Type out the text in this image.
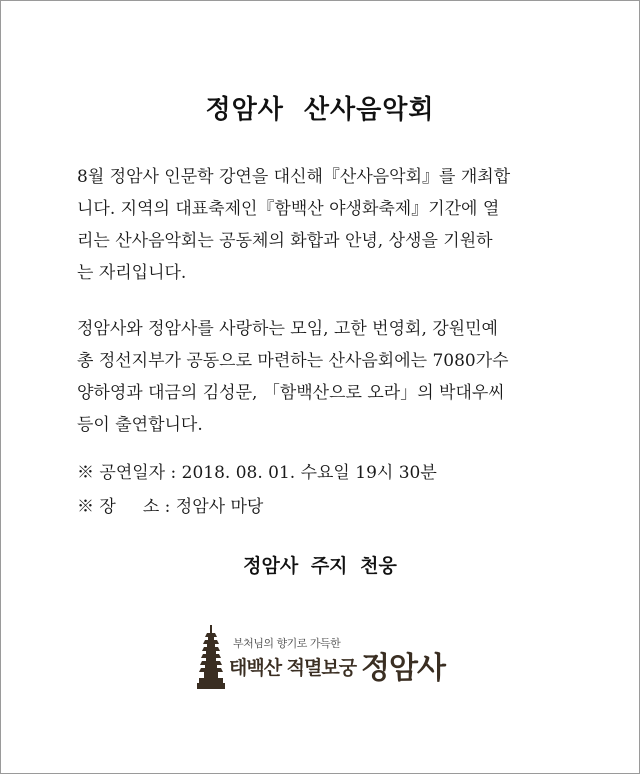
정암사 산사음악회
8월 정암사 인문학 강연을 대신해『산사음악회』를 개최합
니다. 지역의 대표축제인『함백산 야생화축제』기간에 열
리는 산사음악회는 공동체의 화합과 안녕, 상생을 기원하
는 자리입니다.
정암사와 정암사를 사랑하는 모임, 고한 번영회, 강원민예
총 정선지부가 공동으로 마련하는 산사음회에는 7080가수
양하영과 대금의 김성문, 「함백산으로 오라」의 박대우씨
등이 출연합니다.
※ 공연일자 : 2018. 08. 01. 수요일 19시 30분
※ 장     소 : 정암사 마당
정암사 주지 천웅
부처님의 향기로 가득한
태백산 적멸보궁 정암사
